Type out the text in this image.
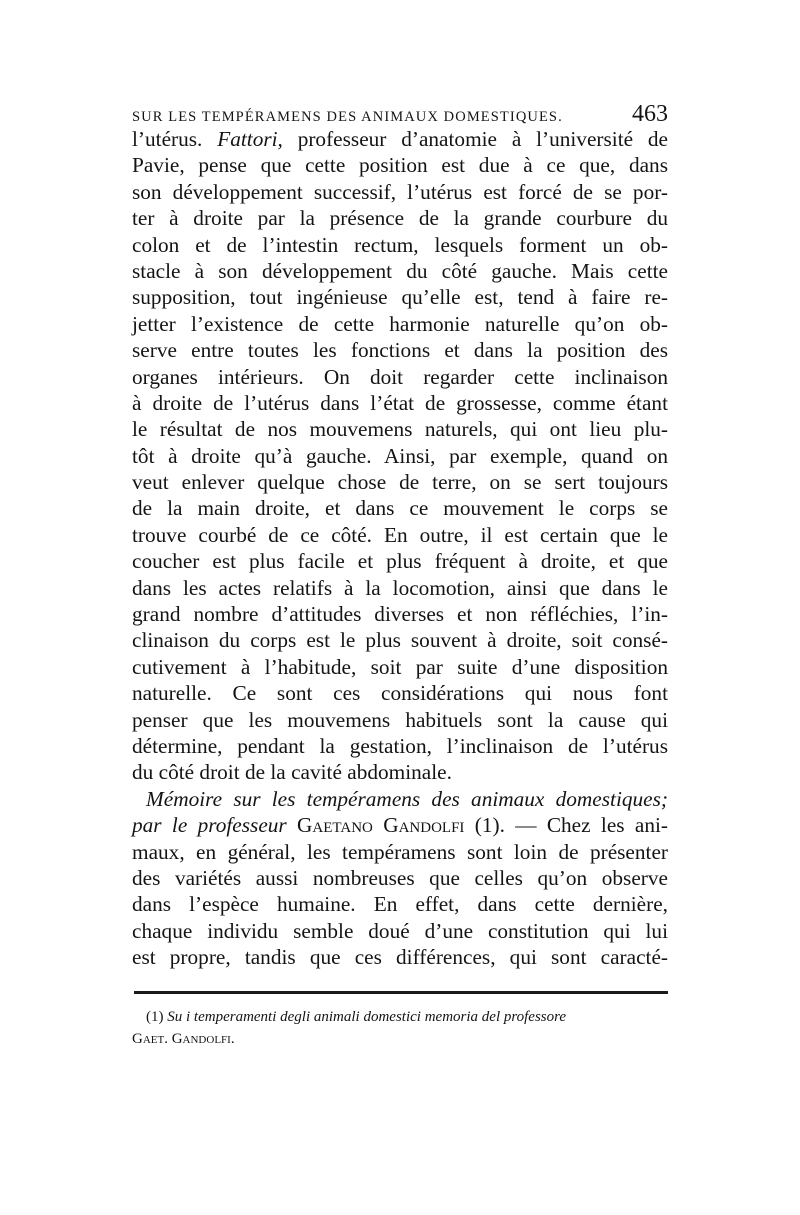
SUR LES TEMPÉRAMENS DES ANIMAUX DOMESTIQUES.	463
l’utérus. Fattori, professeur d’anatomie à l’université de
Pavie, pense que cette position est due à ce que, dans
son développement successif, l’utérus est forcé de se por-
ter à droite par la présence de la grande courbure du
colon et de l’intestin rectum, lesquels forment un ob-
stacle à son développement du côté gauche. Mais cette
supposition, tout ingénieuse qu’elle est, tend à faire re-
jetter l’existence de cette harmonie naturelle qu’on ob-
serve entre toutes les fonctions et dans la position des
organes intérieurs. On doit regarder cette inclinaison
à droite de l’utérus dans l’état de grossesse, comme étant
le résultat de nos mouvemens naturels, qui ont lieu plu-
tôt à droite qu’à gauche. Ainsi, par exemple, quand on
veut enlever quelque chose de terre, on se sert toujours
de la main droite, et dans ce mouvement le corps se
trouve courbé de ce côté. En outre, il est certain que le
coucher est plus facile et plus fréquent à droite, et que
dans les actes relatifs à la locomotion, ainsi que dans le
grand nombre d’attitudes diverses et non réfléchies, l’in-
clinaison du corps est le plus souvent à droite, soit consé-
cutivement à l’habitude, soit par suite d’une disposition
naturelle. Ce sont ces considérations qui nous font
penser que les mouvemens habituels sont la cause qui
détermine, pendant la gestation, l’inclinaison de l’utérus
du côté droit de la cavité abdominale.
Mémoire sur les tempéramens des animaux domestiques;
par le professeur Gaetano Gandolfi (1). — Chez les ani-
maux, en général, les tempéramens sont loin de présenter
des variétés aussi nombreuses que celles qu’on observe
dans l’espèce humaine. En effet, dans cette dernière,
chaque individu semble doué d’une constitution qui lui
est propre, tandis que ces différences, qui sont caracté-
(1) Su i temperamenti degli animali domestici memoria del professore
Gaet. Gandolfi.
